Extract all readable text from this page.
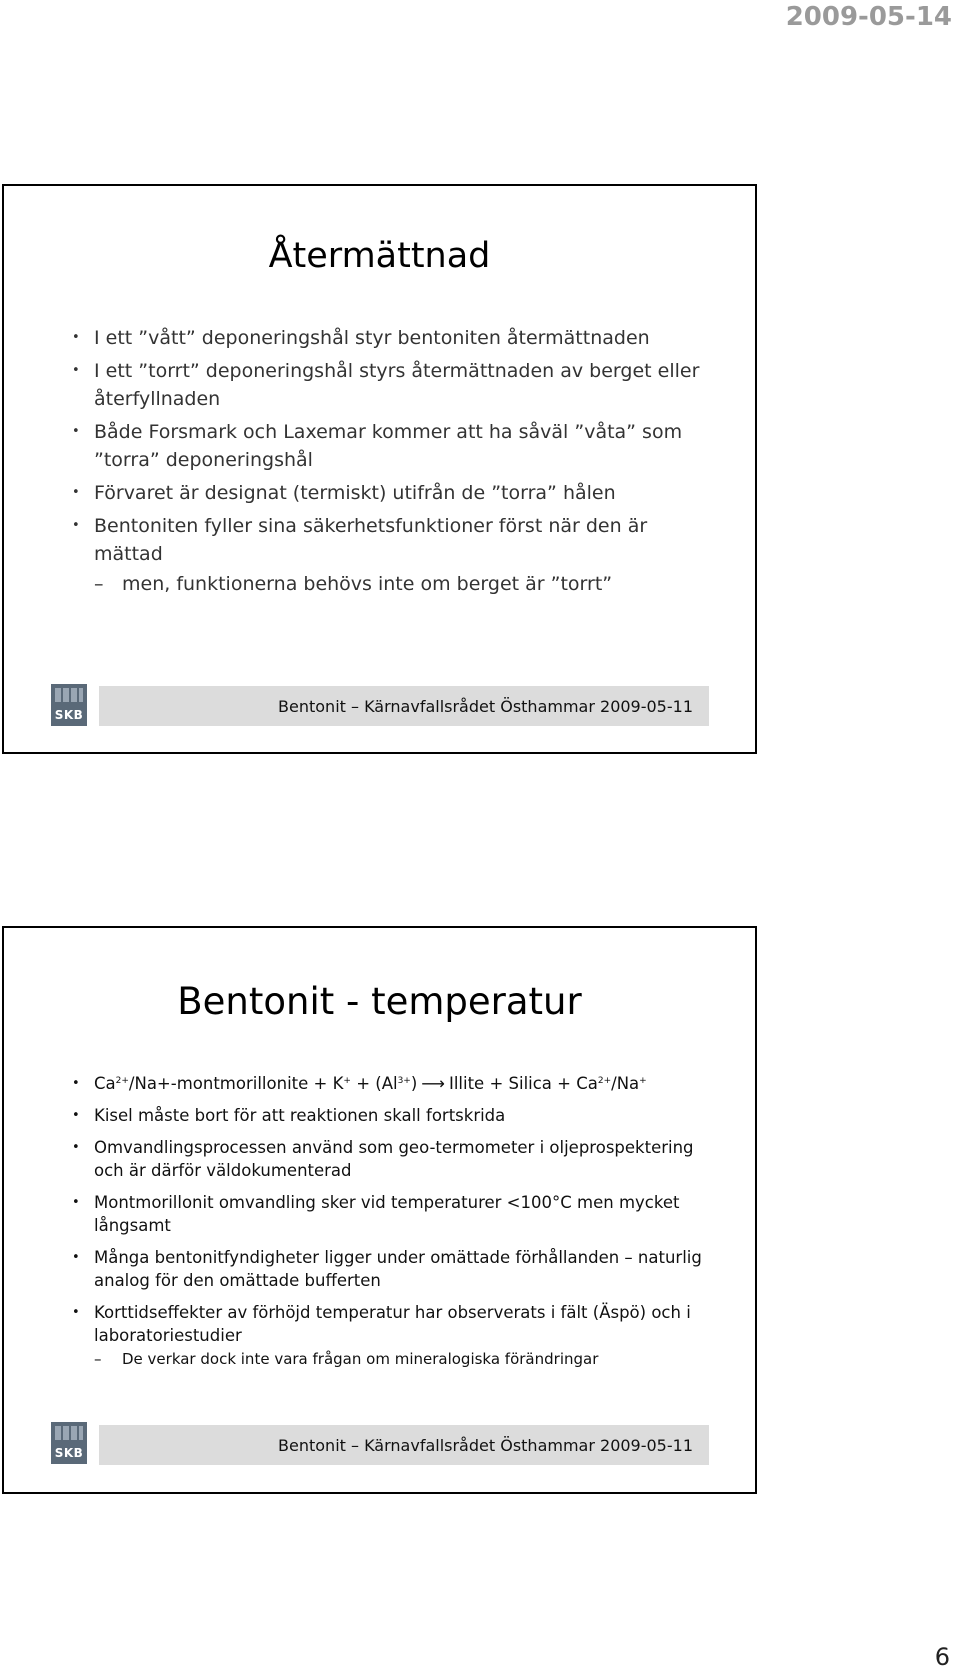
2009-05-14
Återmättnad
• I ett ”vått” deponeringshål styr bentoniten återmättnaden
• I ett ”torrt” deponeringshål styrs återmättnaden av berget eller återfyllnaden
• Både Forsmark och Laxemar kommer att ha såväl ”våta” som ”torra” deponeringshål
• Förvaret är designat (termiskt) utifrån de ”torra” hålen
• Bentoniten fyller sina säkerhetsfunktioner först när den är mättad
– men, funktionerna behövs inte om berget är ”torrt”
SKB	Bentonit – Kärnavfallsrådet Östhammar 2009-05-11
Bentonit - temperatur
• $Ca^{2+}/Na+$-montmorillonite + $K^+ + (Al^{3+})$ ⟶ Illite + Silica + $Ca^{2+}/Na^+$
• Kisel måste bort för att reaktionen skall fortskrida
• Omvandlingsprocessen använd som geo-termometer i oljeprospektering och är därför väldokumenterad
• Montmorillonit omvandling sker vid temperaturer <100°C men mycket långsamt
• Många bentonitfyndigheter ligger under omättade förhållanden – naturlig analog för den omättade bufferten
• Korttidseffekter av förhöjd temperatur har observerats i fält (Äspö) och i laboratoriestudier
– De verkar dock inte vara frågan om mineralogiska förändringar
SKB	Bentonit – Kärnavfallsrådet Östhammar 2009-05-11
6
